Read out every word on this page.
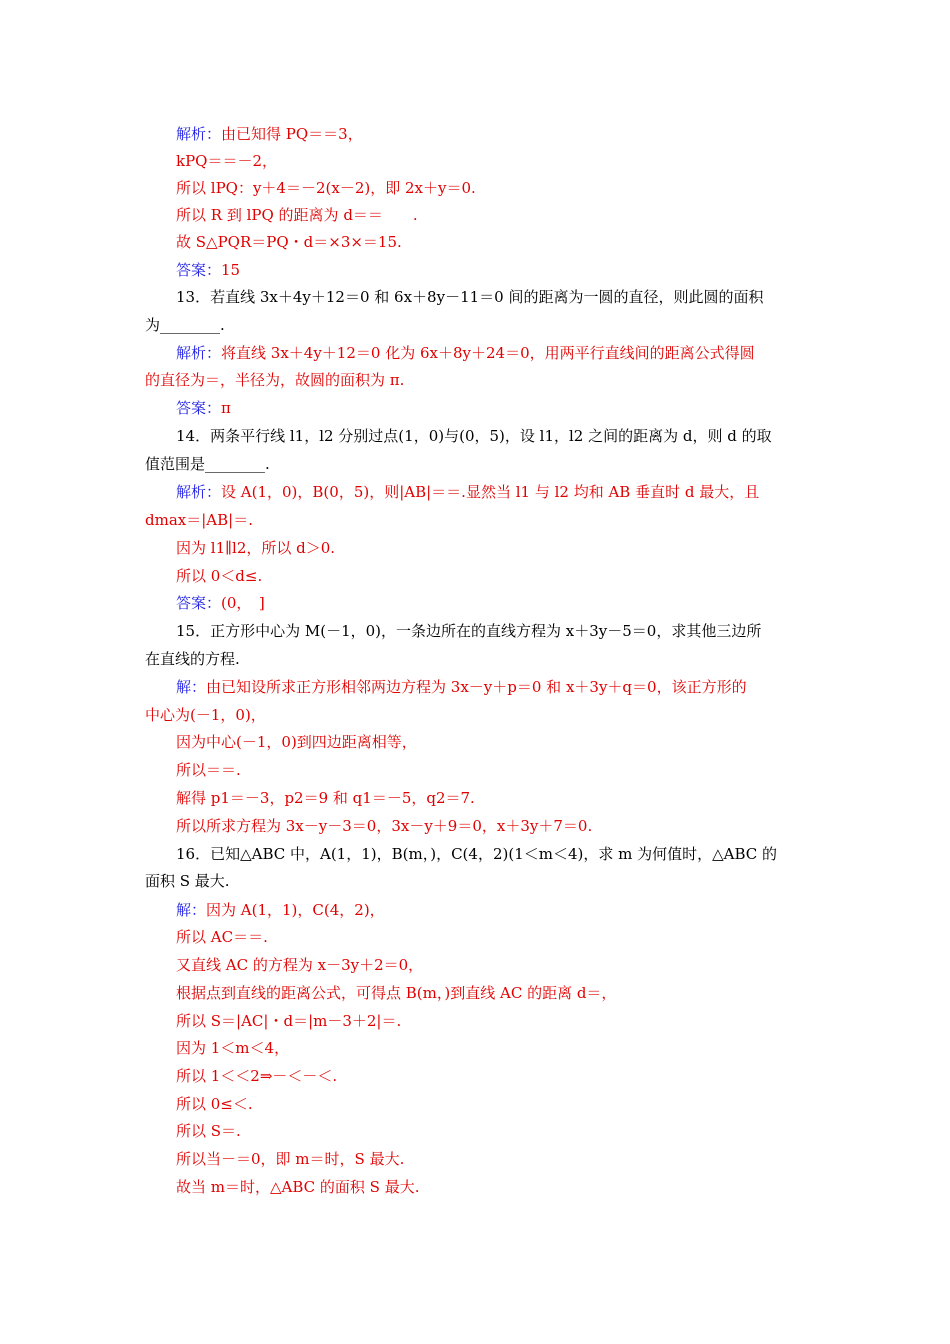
解析：由已知得 PQ＝＝3，
kPQ＝＝－2，
所以 lPQ：y＋4＝－2(x－2)，即 2x＋y＝0.
所以 R 到 lPQ 的距离为 d＝＝　　.
故 S△PQR＝PQ・d＝×3×＝15.
答案：15
13．若直线 3x＋4y＋12＝0 和 6x＋8y－11＝0 间的距离为一圆的直径，则此圆的面积
为________.
解析：将直线 3x＋4y＋12＝0 化为 6x＋8y＋24＝0，用两平行直线间的距离公式得圆
的直径为＝，半径为，故圆的面积为 π.
答案：π
14．两条平行线 l1，l2 分别过点(1，0)与(0，5)，设 l1，l2 之间的距离为 d，则 d 的取
值范围是________.
解析：设 A(1，0)，B(0，5)，则|AB|＝＝.显然当 l1 与 l2 均和 AB 垂直时 d 最大，且
dmax＝|AB|＝.
因为 l1∥l2，所以 d＞0.
所以 0＜d≤.
答案：(0，　]
15．正方形中心为 M(－1，0)，一条边所在的直线方程为 x＋3y－5＝0，求其他三边所
在直线的方程.
解：由已知设所求正方形相邻两边方程为 3x－y＋p＝0 和 x＋3y＋q＝0，该正方形的
中心为(－1，0)，
因为中心(－1，0)到四边距离相等，
所以＝＝.
解得 p1＝－3，p2＝9 和 q1＝－5，q2＝7.
所以所求方程为 3x－y－3＝0，3x－y＋9＝0，x＋3y＋7＝0.
16．已知△ABC 中，A(1，1)，B(m，)，C(4，2)(1＜m＜4)，求 m 为何值时，△ABC 的
面积 S 最大.
解：因为 A(1，1)，C(4，2)，
所以 AC＝＝.
又直线 AC 的方程为 x－3y＋2＝0，
根据点到直线的距离公式，可得点 B(m，)到直线 AC 的距离 d＝，
所以 S＝|AC|・d＝|m－3＋2|＝.
因为 1＜m＜4，
所以 1＜＜2⇒－＜－＜.
所以 0≤＜.
所以 S＝.
所以当－＝0，即 m＝时，S 最大.
故当 m＝时，△ABC 的面积 S 最大.
